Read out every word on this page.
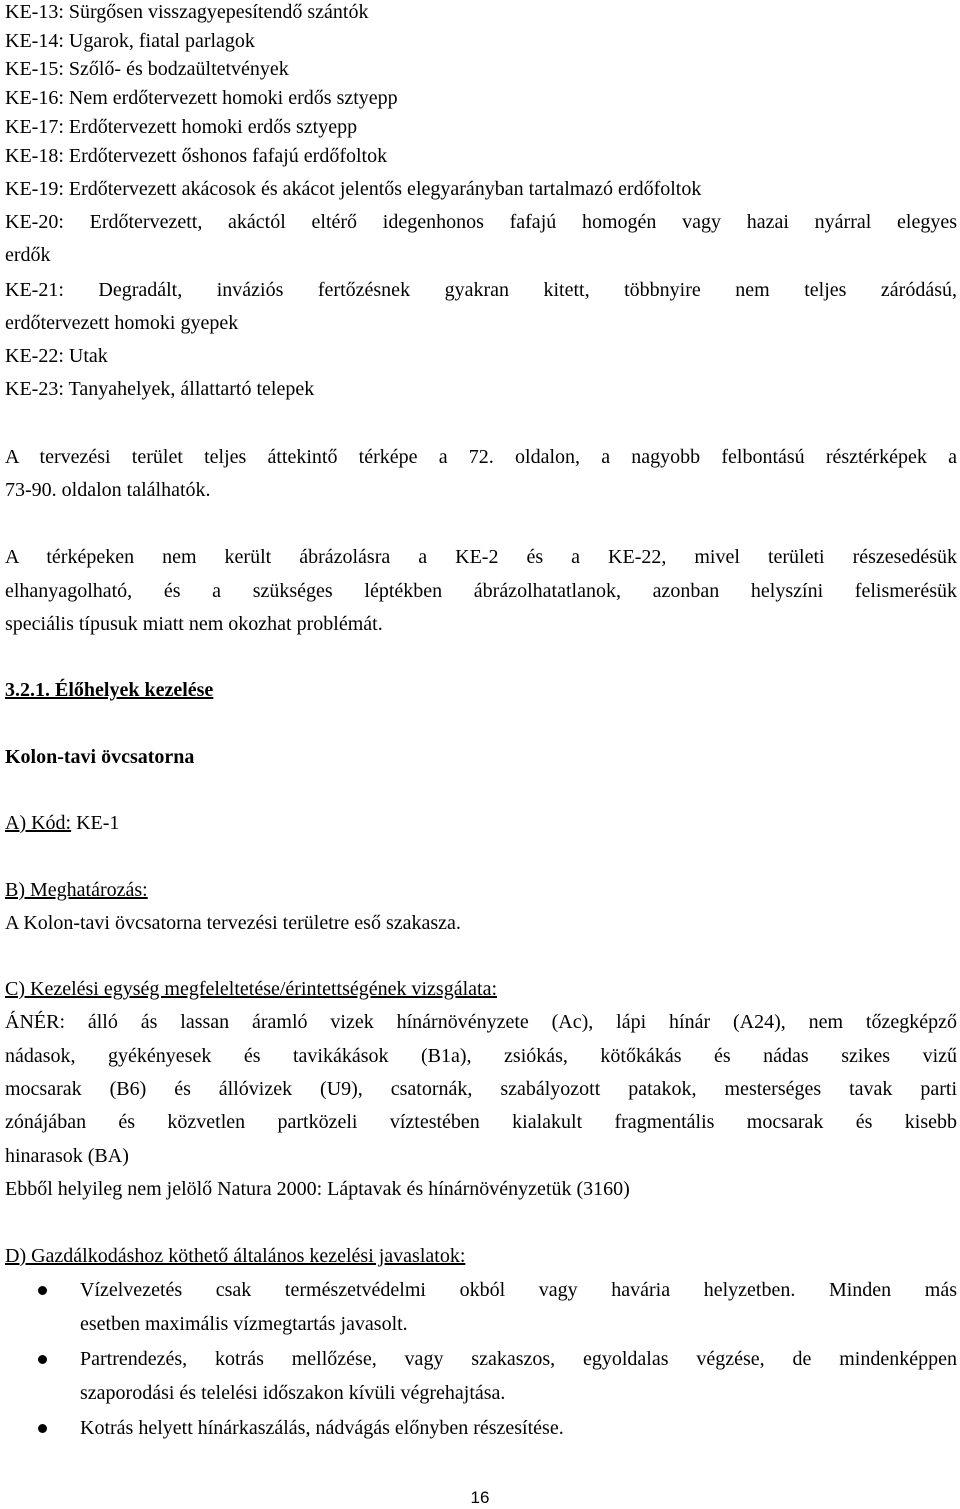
KE-13: Sürgősen visszagyepesítendő szántók
KE-14: Ugarok, fiatal parlagok
KE-15: Szőlő- és bodzaültetvények
KE-16: Nem erdőtervezett homoki erdős sztyepp
KE-17: Erdőtervezett homoki erdős sztyepp
KE-18: Erdőtervezett őshonos fafajú erdőfoltok
KE-19: Erdőtervezett akácosok és akácot jelentős elegyarányban tartalmazó erdőfoltok
KE-20: Erdőtervezett, akáctól eltérő idegenhonos fafajú homogén vagy hazai nyárral elegyes
erdők
KE-21: Degradált, inváziós fertőzésnek gyakran kitett, többnyire nem teljes záródású,
erdőtervezett homoki gyepek
KE-22: Utak
KE-23: Tanyahelyek, állattartó telepek
A tervezési terület teljes áttekintő térképe a 72. oldalon, a nagyobb felbontású résztérképek a
73-90. oldalon találhatók.
A térképeken nem került ábrázolásra a KE-2 és a KE-22, mivel területi részesedésük
elhanyagolható, és a szükséges léptékben ábrázolhatatlanok, azonban helyszíni felismerésük
speciális típusuk miatt nem okozhat problémát.
3.2.1. Élőhelyek kezelése
Kolon-tavi övcsatorna
A) Kód: KE-1
B) Meghatározás:
A Kolon-tavi övcsatorna tervezési területre eső szakasza.
C) Kezelési egység megfeleltetése/érintettségének vizsgálata:
ÁNÉR: álló ás lassan áramló vizek hínárnövényzete (Ac), lápi hínár (A24), nem tőzegképző
nádasok, gyékényesek és tavikákások (B1a), zsiókás, kötőkákás és nádas szikes vizű
mocsarak (B6) és állóvizek (U9), csatornák, szabályozott patakok, mesterséges tavak parti
zónájában és közvetlen partközeli víztestében kialakult fragmentális mocsarak és kisebb
hinarasok (BA)
Ebből helyileg nem jelölő Natura 2000: Láptavak és hínárnövényzetük (3160)
D) Gazdálkodáshoz köthető általános kezelési javaslatok:
Vízelvezetés csak természetvédelmi okból vagy havária helyzetben. Minden más
esetben maximális vízmegtartás javasolt.
Partrendezés, kotrás mellőzése, vagy szakaszos, egyoldalas végzése, de mindenképpen
szaporodási és telelési időszakon kívüli végrehajtása.
Kotrás helyett hínárkaszálás, nádvágás előnyben részesítése.
16
